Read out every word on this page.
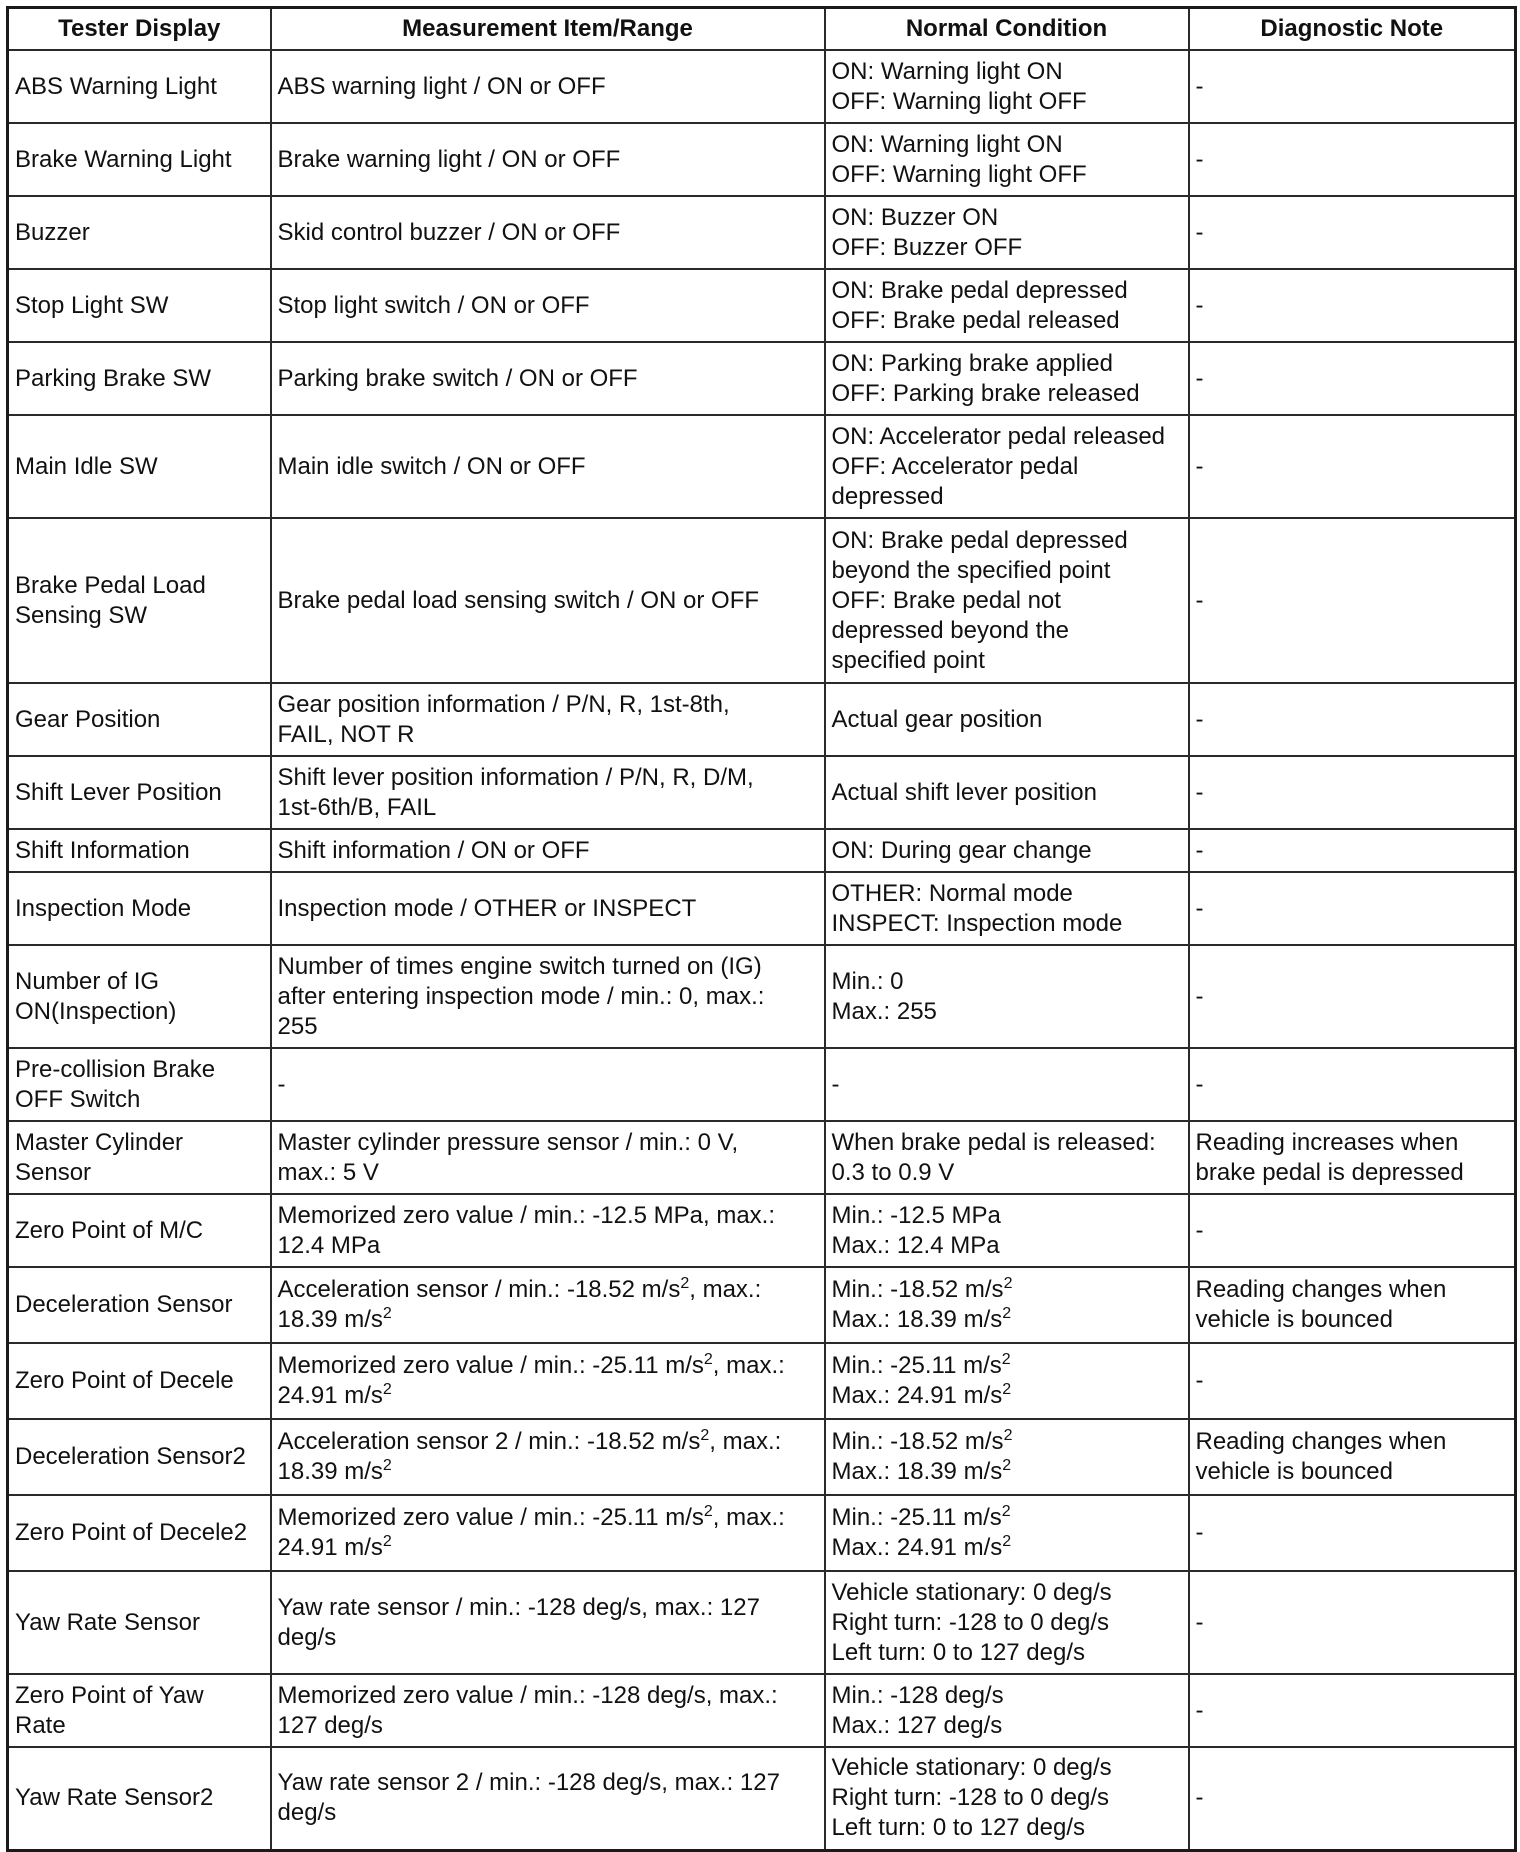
Tester Display	Measurement Item/Range	Normal Condition	Diagnostic Note
ABS Warning Light	ABS warning light / ON or OFF	ON: Warning light ON
OFF: Warning light OFF	-
Brake Warning Light	Brake warning light / ON or OFF	ON: Warning light ON
OFF: Warning light OFF	-
Buzzer	Skid control buzzer / ON or OFF	ON: Buzzer ON
OFF: Buzzer OFF	-
Stop Light SW	Stop light switch / ON or OFF	ON: Brake pedal depressed
OFF: Brake pedal released	-
Parking Brake SW	Parking brake switch / ON or OFF	ON: Parking brake applied
OFF: Parking brake released	-
Main Idle SW	Main idle switch / ON or OFF	ON: Accelerator pedal released
OFF: Accelerator pedal
depressed	-
Brake Pedal Load
Sensing SW	Brake pedal load sensing switch / ON or OFF	ON: Brake pedal depressed
beyond the specified point
OFF: Brake pedal not
depressed beyond the
specified point	-
Gear Position	Gear position information / P/N, R, 1st-8th,
FAIL, NOT R	Actual gear position	-
Shift Lever Position	Shift lever position information / P/N, R, D/M,
1st-6th/B, FAIL	Actual shift lever position	-
Shift Information	Shift information / ON or OFF	ON: During gear change	-
Inspection Mode	Inspection mode / OTHER or INSPECT	OTHER: Normal mode
INSPECT: Inspection mode	-
Number of IG
ON(Inspection)	Number of times engine switch turned on (IG)
after entering inspection mode / min.: 0, max.:
255	Min.: 0
Max.: 255	-
Pre-collision Brake
OFF Switch	-	-	-
Master Cylinder
Sensor	Master cylinder pressure sensor / min.: 0 V,
max.: 5 V	When brake pedal is released:
0.3 to 0.9 V	Reading increases when
brake pedal is depressed
Zero Point of M/C	Memorized zero value / min.: -12.5 MPa, max.:
12.4 MPa	Min.: -12.5 MPa
Max.: 12.4 MPa	-
Deceleration Sensor	Acceleration sensor / min.: -18.52 $m/s^2$, max.:
18.39 $m/s^2$	Min.: -18.52 $m/s^2$
Max.: 18.39 $m/s^2$	Reading changes when
vehicle is bounced
Zero Point of Decele	Memorized zero value / min.: -25.11 $m/s^2$, max.:
24.91 $m/s^2$	Min.: -25.11 $m/s^2$
Max.: 24.91 $m/s^2$	-
Deceleration Sensor2	Acceleration sensor 2 / min.: -18.52 $m/s^2$, max.:
18.39 $m/s^2$	Min.: -18.52 $m/s^2$
Max.: 18.39 $m/s^2$	Reading changes when
vehicle is bounced
Zero Point of Decele2	Memorized zero value / min.: -25.11 $m/s^2$, max.:
24.91 $m/s^2$	Min.: -25.11 $m/s^2$
Max.: 24.91 $m/s^2$	-
Yaw Rate Sensor	Yaw rate sensor / min.: -128 deg/s, max.: 127
deg/s	Vehicle stationary: 0 deg/s
Right turn: -128 to 0 deg/s
Left turn: 0 to 127 deg/s	-
Zero Point of Yaw
Rate	Memorized zero value / min.: -128 deg/s, max.:
127 deg/s	Min.: -128 deg/s
Max.: 127 deg/s	-
Yaw Rate Sensor2	Yaw rate sensor 2 / min.: -128 deg/s, max.: 127
deg/s	Vehicle stationary: 0 deg/s
Right turn: -128 to 0 deg/s
Left turn: 0 to 127 deg/s	-
